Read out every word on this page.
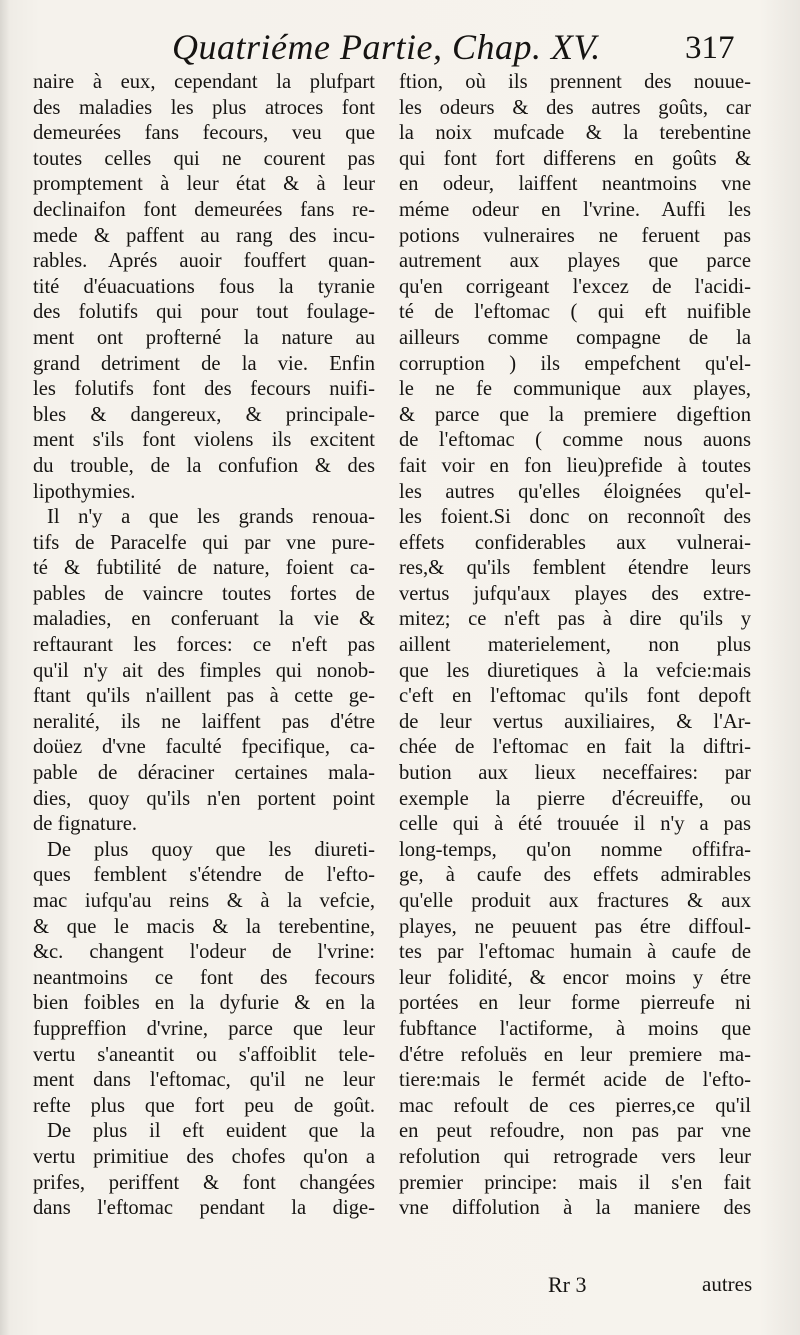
Quatriéme Partie, Chap. XV.	317
naire à eux, cependant la plufpart
des maladies les plus atroces font
demeurées fans fecours, veu que
toutes celles qui ne courent pas
promptement à leur état & à leur
declinaifon font demeurées fans re-
mede & paffent au rang des incu-
rables. Aprés auoir fouffert quan-
tité d'éuacuations fous la tyranie
des folutifs qui pour tout foulage-
ment ont profterné la nature au
grand detriment de la vie. Enfin
les folutifs font des fecours nuifi-
bles & dangereux, & principale-
ment s'ils font violens ils excitent
du trouble, de la confufion & des
lipothymies.
Il n'y a que les grands renoua-
tifs de Paracelfe qui par vne pure-
té & fubtilité de nature, foient ca-
pables de vaincre toutes fortes de
maladies, en conferuant la vie &
reftaurant les forces: ce n'eft pas
qu'il n'y ait des fimples qui nonob-
ftant qu'ils n'aillent pas à cette ge-
neralité, ils ne laiffent pas d'étre
doüez d'vne faculté fpecifique, ca-
pable de déraciner certaines mala-
dies, quoy qu'ils n'en portent point
de fignature.
De plus quoy que les diureti-
ques femblent s'étendre de l'efto-
mac iufqu'au reins & à la vefcie,
& que le macis & la terebentine,
&c. changent l'odeur de l'vrine:
neantmoins ce font des fecours
bien foibles en la dyfurie & en la
fuppreffion d'vrine, parce que leur
vertu s'aneantit ou s'affoiblit tele-
ment dans l'eftomac, qu'il ne leur
refte plus que fort peu de goût.
De plus il eft euident que la
vertu primitiue des chofes qu'on a
prifes, periffent & font changées
dans l'eftomac pendant la dige-
ftion, où ils prennent des nouue-
les odeurs & des autres goûts, car
la noix mufcade & la terebentine
qui font fort differens en goûts &
en odeur, laiffent neantmoins vne
méme odeur en l'vrine. Auffi les
potions vulneraires ne feruent pas
autrement aux playes que parce
qu'en corrigeant l'excez de l'acidi-
té de l'eftomac ( qui eft nuifible
ailleurs comme compagne de la
corruption ) ils empefchent qu'el-
le ne fe communique aux playes,
& parce que la premiere digeftion
de l'eftomac ( comme nous auons
fait voir en fon lieu)prefide à toutes
les autres qu'elles éloignées qu'el-
les foient.Si donc on reconnoît des
effets confiderables aux vulnerai-
res,& qu'ils femblent étendre leurs
vertus jufqu'aux playes des extre-
mitez; ce n'eft pas à dire qu'ils y
aillent materielement, non plus
que les diuretiques à la vefcie:mais
c'eft en l'eftomac qu'ils font depoft
de leur vertus auxiliaires, & l'Ar-
chée de l'eftomac en fait la diftri-
bution aux lieux neceffaires: par
exemple la pierre d'écreuiffe, ou
celle qui à été trouuée il n'y a pas
long-temps, qu'on nomme offifra-
ge, à caufe des effets admirables
qu'elle produit aux fractures & aux
playes, ne peuuent pas étre diffoul-
tes par l'eftomac humain à caufe de
leur folidité, & encor moins y étre
portées en leur forme pierreufe ni
fubftance l'actiforme, à moins que
d'étre refoluës en leur premiere ma-
tiere:mais le fermét acide de l'efto-
mac refoult de ces pierres,ce qu'il
en peut refoudre, non pas par vne
refolution qui retrograde vers leur
premier principe: mais il s'en fait
vne diffolution à la maniere des
Rr 3	autres
